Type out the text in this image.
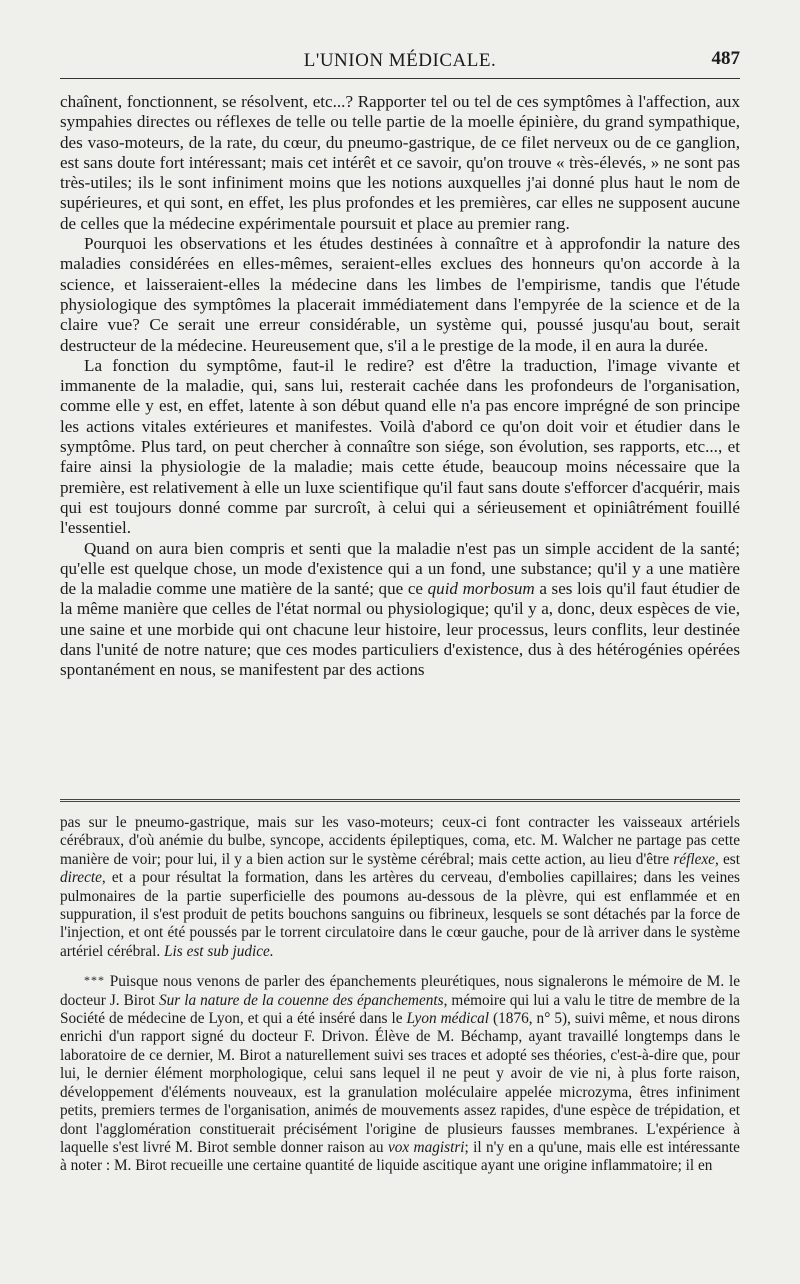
L'UNION MÉDICALE.	487

chaînent, fonctionnent, se résolvent, etc...? Rapporter tel ou tel de ces symptômes à l'affection, aux sympahies directes ou réflexes de telle ou telle partie de la moelle épinière, du grand sympathique, des vaso-moteurs, de la rate, du cœur, du pneumo-gastrique, de ce filet nerveux ou de ce ganglion, est sans doute fort intéressant; mais cet intérêt et ce savoir, qu'on trouve « très-élevés, » ne sont pas très-utiles; ils le sont infiniment moins que les notions auxquelles j'ai donné plus haut le nom de supérieures, et qui sont, en effet, les plus profondes et les premières, car elles ne supposent aucune de celles que la médecine expérimentale poursuit et place au premier rang.

Pourquoi les observations et les études destinées à connaître et à approfondir la nature des maladies considérées en elles-mêmes, seraient-elles exclues des honneurs qu'on accorde à la science, et laisseraient-elles la médecine dans les limbes de l'empirisme, tandis que l'étude physiologique des symptômes la placerait immédiatement dans l'empyrée de la science et de la claire vue? Ce serait une erreur considérable, un système qui, poussé jusqu'au bout, serait destructeur de la médecine. Heureusement que, s'il a le prestige de la mode, il en aura la durée.

La fonction du symptôme, faut-il le redire? est d'être la traduction, l'image vivante et immanente de la maladie, qui, sans lui, resterait cachée dans les profondeurs de l'organisation, comme elle y est, en effet, latente à son début quand elle n'a pas encore imprégné de son principe les actions vitales extérieures et manifestes. Voilà d'abord ce qu'on doit voir et étudier dans le symptôme. Plus tard, on peut chercher à connaître son siége, son évolution, ses rapports, etc..., et faire ainsi la physiologie de la maladie; mais cette étude, beaucoup moins nécessaire que la première, est relativement à elle un luxe scientifique qu'il faut sans doute s'efforcer d'acquérir, mais qui est toujours donné comme par surcroît, à celui qui a sérieusement et opiniâtrément fouillé l'essentiel.

Quand on aura bien compris et senti que la maladie n'est pas un simple accident de la santé; qu'elle est quelque chose, un mode d'existence qui a un fond, une substance; qu'il y a une matière de la maladie comme une matière de la santé; que ce quid morbosum a ses lois qu'il faut étudier de la même manière que celles de l'état normal ou physiologique; qu'il y a, donc, deux espèces de vie, une saine et une morbide qui ont chacune leur histoire, leur processus, leurs conflits, leur destinée dans l'unité de notre nature; que ces modes particuliers d'existence, dus à des hétérogénies opérées spontanément en nous, se manifestent par des actions

pas sur le pneumo-gastrique, mais sur les vaso-moteurs; ceux-ci font contracter les vaisseaux artériels cérébraux, d'où anémie du bulbe, syncope, accidents épileptiques, coma, etc. M. Walcher ne partage pas cette manière de voir; pour lui, il y a bien action sur le système cérébral; mais cette action, au lieu d'être réflexe, est directe, et a pour résultat la formation, dans les artères du cerveau, d'embolies capillaires; dans les veines pulmonaires de la partie superficielle des poumons au-dessous de la plèvre, qui est enflammée et en suppuration, il s'est produit de petits bouchons sanguins ou fibrineux, lesquels se sont détachés par la force de l'injection, et ont été poussés par le torrent circulatoire dans le cœur gauche, pour de là arriver dans le système artériel cérébral. Lis est sub judice.

*** Puisque nous venons de parler des épanchements pleurétiques, nous signalerons le mémoire de M. le docteur J. Birot Sur la nature de la couenne des épanchements, mémoire qui lui a valu le titre de membre de la Société de médecine de Lyon, et qui a été inséré dans le Lyon médical (1876, n° 5), suivi même, et nous dirons enrichi d'un rapport signé du docteur F. Drivon. Élève de M. Béchamp, ayant travaillé longtemps dans le laboratoire de ce dernier, M. Birot a naturellement suivi ses traces et adopté ses théories, c'est-à-dire que, pour lui, le dernier élément morphologique, celui sans lequel il ne peut y avoir de vie ni, à plus forte raison, développement d'éléments nouveaux, est la granulation moléculaire appelée microzyma, êtres infiniment petits, premiers termes de l'organisation, animés de mouvements assez rapides, d'une espèce de trépidation, et dont l'agglomération constituerait précisément l'origine de plusieurs fausses membranes. L'expérience à laquelle s'est livré M. Birot semble donner raison au vox magistri; il n'y en a qu'une, mais elle est intéressante à noter : M. Birot recueille une certaine quantité de liquide ascitique ayant une origine inflammatoire; il en
